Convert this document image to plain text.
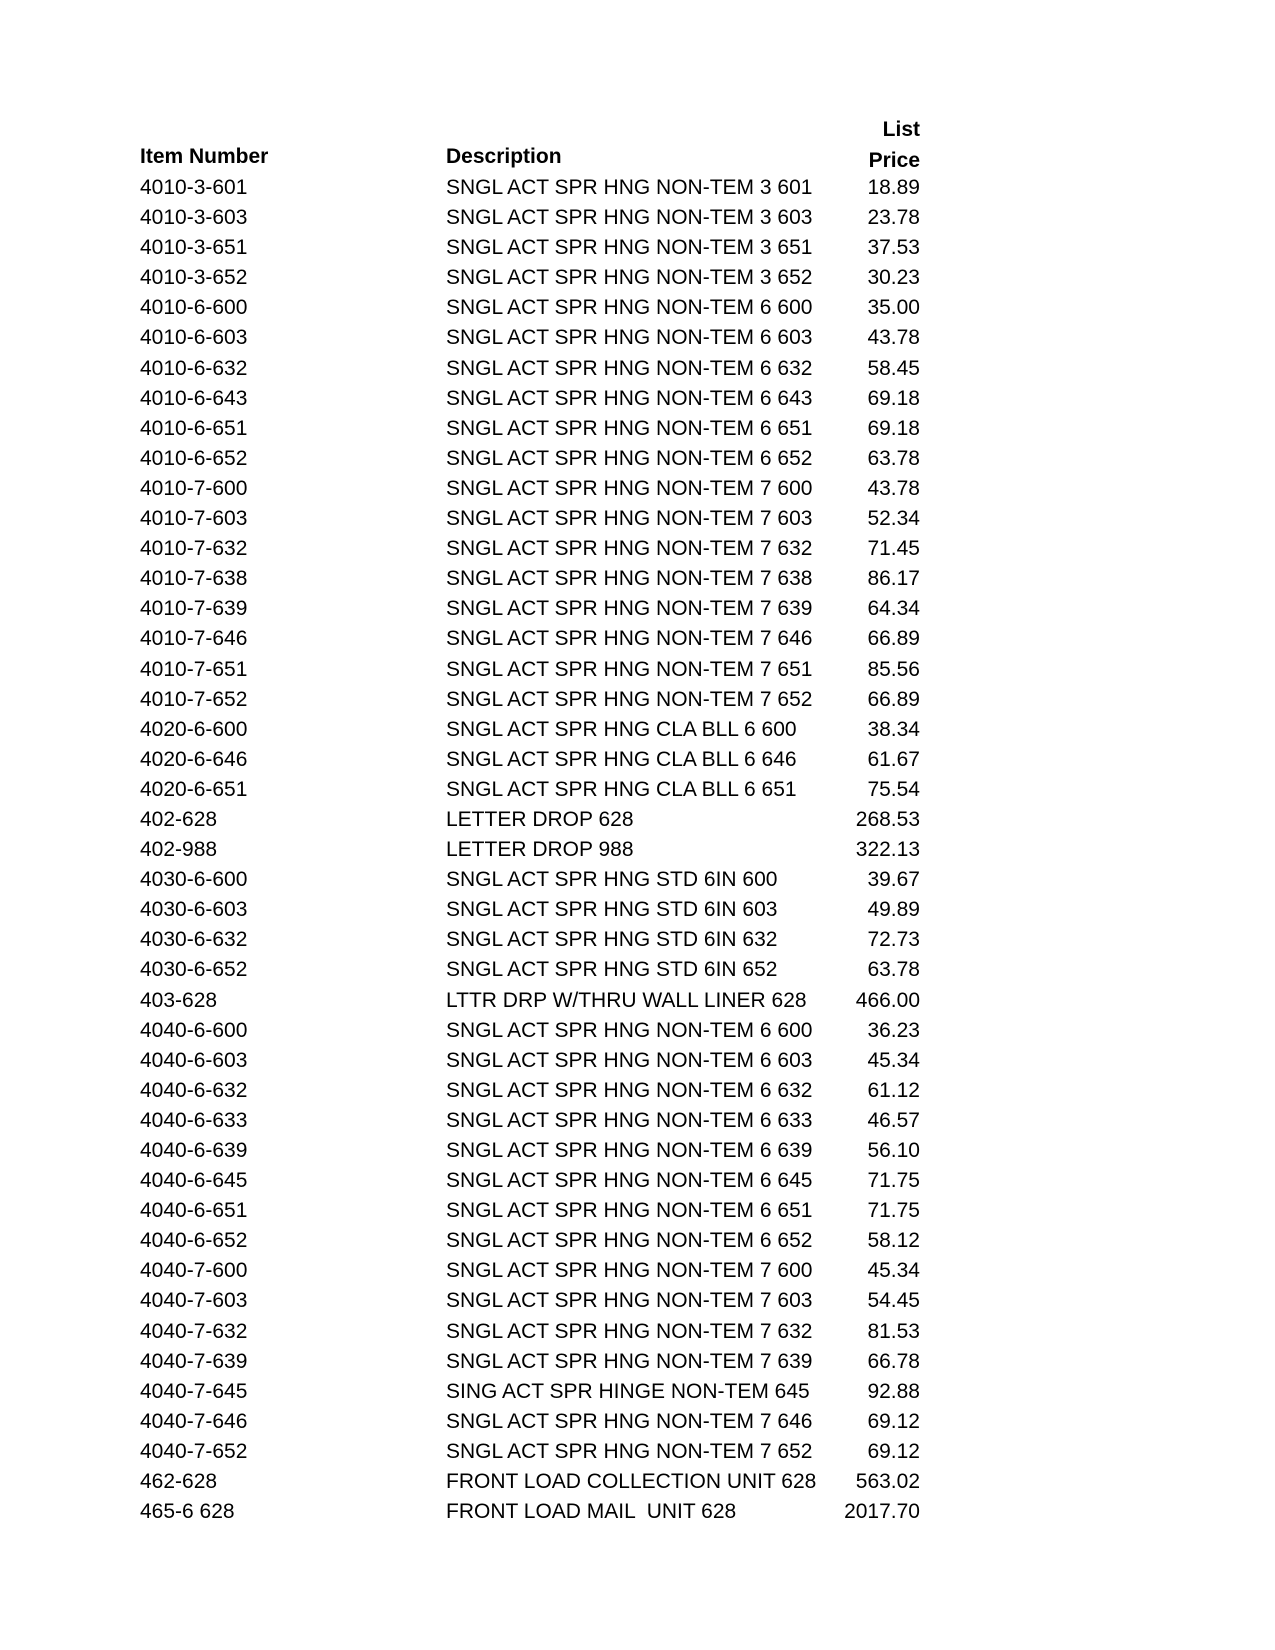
Item Number	Description
List
Price
4010-3-601	SNGL ACT SPR HNG NON-TEM 3 601	18.89
4010-3-603	SNGL ACT SPR HNG NON-TEM 3 603	23.78
4010-3-651	SNGL ACT SPR HNG NON-TEM 3 651	37.53
4010-3-652	SNGL ACT SPR HNG NON-TEM 3 652	30.23
4010-6-600	SNGL ACT SPR HNG NON-TEM 6 600	35.00
4010-6-603	SNGL ACT SPR HNG NON-TEM 6 603	43.78
4010-6-632	SNGL ACT SPR HNG NON-TEM 6 632	58.45
4010-6-643	SNGL ACT SPR HNG NON-TEM 6 643	69.18
4010-6-651	SNGL ACT SPR HNG NON-TEM 6 651	69.18
4010-6-652	SNGL ACT SPR HNG NON-TEM 6 652	63.78
4010-7-600	SNGL ACT SPR HNG NON-TEM 7 600	43.78
4010-7-603	SNGL ACT SPR HNG NON-TEM 7 603	52.34
4010-7-632	SNGL ACT SPR HNG NON-TEM 7 632	71.45
4010-7-638	SNGL ACT SPR HNG NON-TEM 7 638	86.17
4010-7-639	SNGL ACT SPR HNG NON-TEM 7 639	64.34
4010-7-646	SNGL ACT SPR HNG NON-TEM 7 646	66.89
4010-7-651	SNGL ACT SPR HNG NON-TEM 7 651	85.56
4010-7-652	SNGL ACT SPR HNG NON-TEM 7 652	66.89
4020-6-600	SNGL ACT SPR HNG CLA BLL 6 600	38.34
4020-6-646	SNGL ACT SPR HNG CLA BLL 6 646	61.67
4020-6-651	SNGL ACT SPR HNG CLA BLL 6 651	75.54
402-628	LETTER DROP 628	268.53
402-988	LETTER DROP 988	322.13
4030-6-600	SNGL ACT SPR HNG STD 6IN 600	39.67
4030-6-603	SNGL ACT SPR HNG STD 6IN 603	49.89
4030-6-632	SNGL ACT SPR HNG STD 6IN 632	72.73
4030-6-652	SNGL ACT SPR HNG STD 6IN 652	63.78
403-628	LTTR DRP W/THRU WALL LINER 628 466.00
4040-6-600	SNGL ACT SPR HNG NON-TEM 6 600	36.23
4040-6-603	SNGL ACT SPR HNG NON-TEM 6 603	45.34
4040-6-632	SNGL ACT SPR HNG NON-TEM 6 632	61.12
4040-6-633	SNGL ACT SPR HNG NON-TEM 6 633	46.57
4040-6-639	SNGL ACT SPR HNG NON-TEM 6 639	56.10
4040-6-645	SNGL ACT SPR HNG NON-TEM 6 645	71.75
4040-6-651	SNGL ACT SPR HNG NON-TEM 6 651	71.75
4040-6-652	SNGL ACT SPR HNG NON-TEM 6 652	58.12
4040-7-600	SNGL ACT SPR HNG NON-TEM 7 600	45.34
4040-7-603	SNGL ACT SPR HNG NON-TEM 7 603	54.45
4040-7-632	SNGL ACT SPR HNG NON-TEM 7 632	81.53
4040-7-639	SNGL ACT SPR HNG NON-TEM 7 639	66.78
4040-7-645	SING ACT SPR HINGE NON-TEM 645	92.88
4040-7-646	SNGL ACT SPR HNG NON-TEM 7 646	69.12
4040-7-652	SNGL ACT SPR HNG NON-TEM 7 652	69.12
462-628	FRONT LOAD COLLECTION UNIT 628 563.02
465-6 628	FRONT LOAD MAIL  UNIT 628	2017.70
